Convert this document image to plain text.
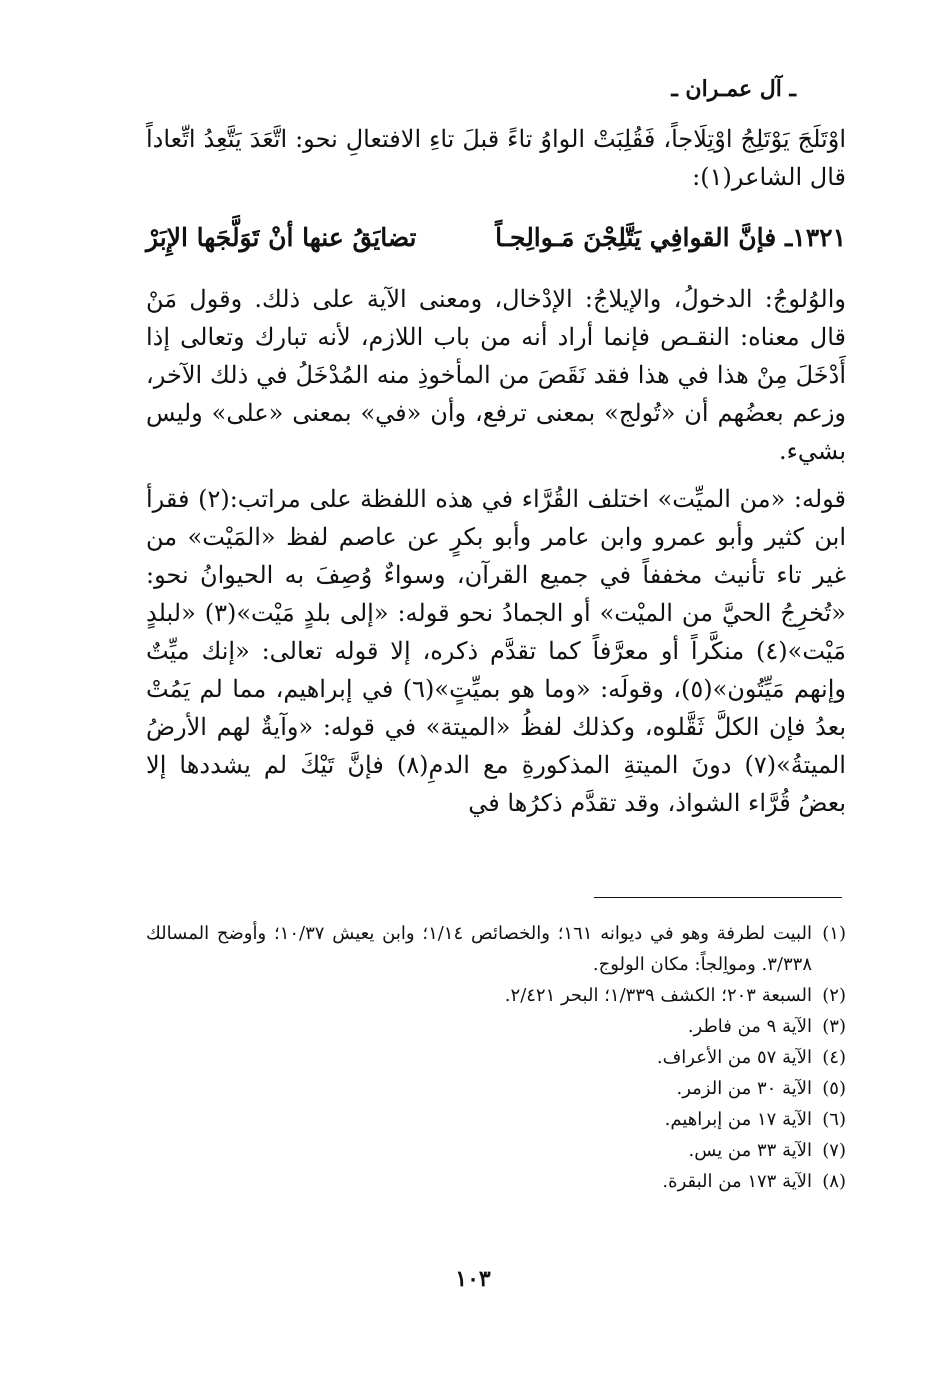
ـ آل عمـران ـ

اوْتَلَجَ يَوْتَلِجُ اوْتِلَاجاً، فَقُلِبَتْ الواوُ تاءً قبلَ تاءِ الافتعالِ نحو: اتَّعَدَ يَتَّعِدُ اتِّعاداً قال الشاعر(١):

١٣٢١ـ فإنَّ القوافِي يَتَّلِجْنَ مَـوالِجـاً
تضايَقُ عنها أنْ تَوَلَّجَها الإِبَرْ

والوُلوجُ: الدخولُ، والإيلاجُ: الإدْخال، ومعنى الآية على ذلك. وقول مَنْ قال معناه: النقـص فإنما أراد أنه من باب اللازم، لأنه تبارك وتعالى إذا أَدْخَلَ مِنْ هذا في هذا فقد نَقَصَ من المأخوذِ منه المُدْخَلُ في ذلك الآخر، وزعم بعضُهم أن «تُولج» بمعنى ترفع، وأن «في» بمعنى «على» وليس بشيء.

قوله: «من الميِّت» اختلف القُرَّاء في هذه اللفظة على مراتب:(٢) فقرأ ابن كثير وأبو عمرو وابن عامر وأبو بكرٍ عن عاصم لفظ «المَيْت» من غير تاء تأنيث مخففاً في جميع القرآن، وسواءٌ وُصِفَ به الحيوانُ نحو: «تُخرِجُ الحيَّ من الميْت» أو الجمادُ نحو قوله: «إلى بلدٍ مَيْت»(٣) «لبلدٍ مَيْت»(٤) منكَّراً أو معرَّفاً كما تقدَّم ذكره، إلا قوله تعالى: «إنك ميِّتٌ وإنهم مَيِّتُون»(٥)، وقولَه: «وما هو بميِّتٍ»(٦) في إبراهيم، مما لم يَمُتْ بعدُ فإن الكلَّ ثَقَّلوه، وكذلك لفظُ «الميتة» في قوله: «وآيةٌ لهم الأرضُ الميتةُ»(٧) دونَ الميتةِ المذكورةِ مع الدمِ(٨) فإنَّ تَيْكَ لم يشددها إلا بعضُ قُرَّاء الشواذ، وقد تقدَّم ذكرُها في

(١)
البيت لطرفة وهو في ديوانه ١٦١؛ والخصائص ١/١٤؛ وابن يعيش ١٠/٣٧؛ وأوضح المسالك ٣/٣٣٨. ومواِلجاً: مكان الولوج.
(٢)
السبعة ٢٠٣؛ الكشف ١/٣٣٩؛ البحر ٢/٤٢١.
(٣)
الآية ٩ من فاطر.
(٤)
الآية ٥٧ من الأعراف.
(٥)
الآية ٣٠ من الزمر.
(٦)
الآية ١٧ من إبراهيم.
(٧)
الآية ٣٣ من يس.
(٨)
الآية ١٧٣ من البقرة.
١٠٣
